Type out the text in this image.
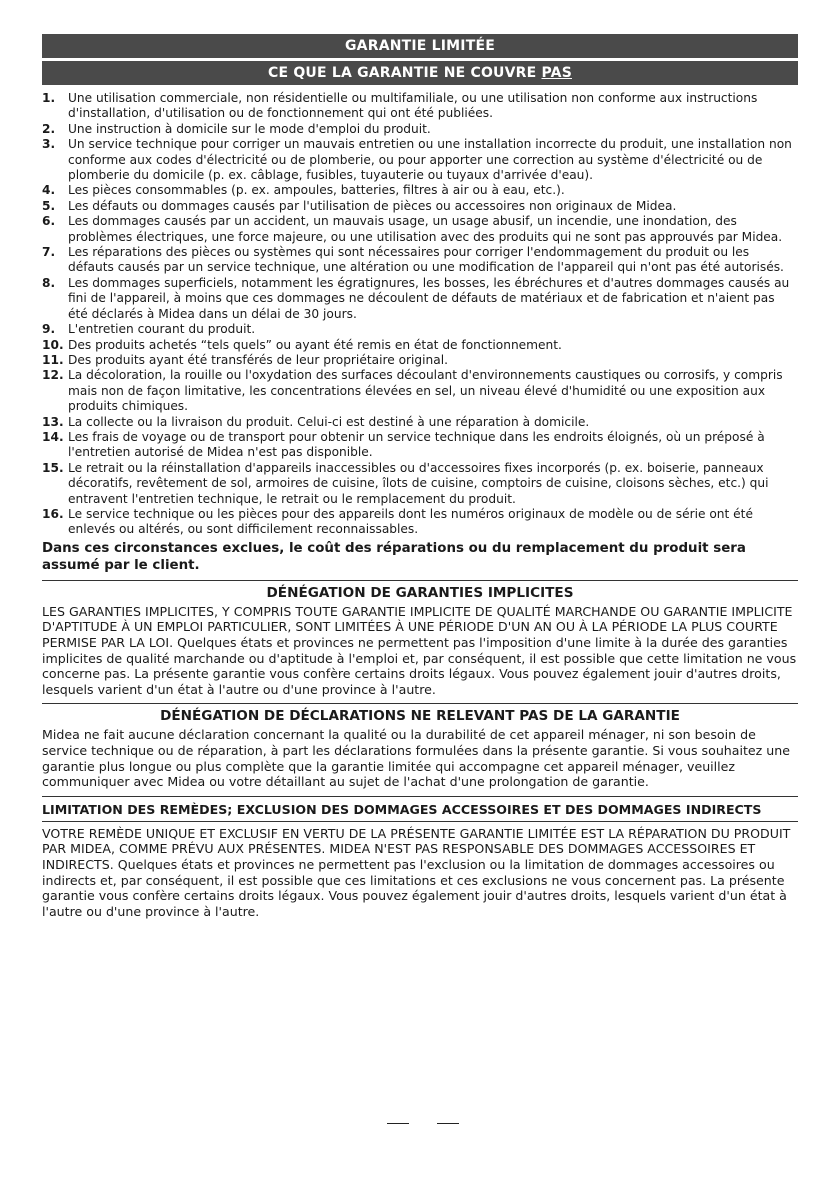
GARANTIE LIMITÉE
CE QUE LA GARANTIE NE COUVRE PAS
1. Une utilisation commerciale, non résidentielle ou multifamiliale, ou une utilisation non conforme aux instructions d'installation, d'utilisation ou de fonctionnement qui ont été publiées.
2. Une instruction à domicile sur le mode d'emploi du produit.
3. Un service technique pour corriger un mauvais entretien ou une installation incorrecte du produit, une installation non conforme aux codes d'électricité ou de plomberie, ou pour apporter une correction au système d'électricité ou de plomberie du domicile (p. ex. câblage, fusibles, tuyauterie ou tuyaux d'arrivée d'eau).
4. Les pièces consommables (p. ex. ampoules, batteries, filtres à air ou à eau, etc.).
5. Les défauts ou dommages causés par l'utilisation de pièces ou accessoires non originaux de Midea.
6. Les dommages causés par un accident, un mauvais usage, un usage abusif, un incendie, une inondation, des problèmes électriques, une force majeure, ou une utilisation avec des produits qui ne sont pas approuvés par Midea.
7. Les réparations des pièces ou systèmes qui sont nécessaires pour corriger l'endommagement du produit ou les défauts causés par un service technique, une altération ou une modification de l'appareil qui n'ont pas été autorisés.
8. Les dommages superficiels, notamment les égratignures, les bosses, les ébréchures et d'autres dommages causés au fini de l'appareil, à moins que ces dommages ne découlent de défauts de matériaux et de fabrication et n'aient pas été déclarés à Midea dans un délai de 30 jours.
9. L'entretien courant du produit.
10. Des produits achetés “tels quels” ou ayant été remis en état de fonctionnement.
11. Des produits ayant été transférés de leur propriétaire original.
12. La décoloration, la rouille ou l'oxydation des surfaces découlant d'environnements caustiques ou corrosifs, y compris mais non de façon limitative, les concentrations élevées en sel, un niveau élevé d'humidité ou une exposition aux produits chimiques.
13. La collecte ou la livraison du produit. Celui-ci est destiné à une réparation à domicile.
14. Les frais de voyage ou de transport pour obtenir un service technique dans les endroits éloignés, où un préposé à l'entretien autorisé de Midea n'est pas disponible.
15. Le retrait ou la réinstallation d'appareils inaccessibles ou d'accessoires fixes incorporés (p. ex. boiserie, panneaux décoratifs, revêtement de sol, armoires de cuisine, îlots de cuisine, comptoirs de cuisine, cloisons sèches, etc.) qui entravent l'entretien technique, le retrait ou le remplacement du produit.
16. Le service technique ou les pièces pour des appareils dont les numéros originaux de modèle ou de série ont été enlevés ou altérés, ou sont difficilement reconnaissables.
Dans ces circonstances exclues, le coût des réparations ou du remplacement du produit sera assumé par le client.
DÉNÉGATION DE GARANTIES IMPLICITES

LES GARANTIES IMPLICITES, Y COMPRIS TOUTE GARANTIE IMPLICITE DE QUALITÉ MARCHANDE OU GARANTIE IMPLICITE D'APTITUDE À UN EMPLOI PARTICULIER, SONT LIMITÉES À UNE PÉRIODE D'UN AN OU À LA PÉRIODE LA PLUS COURTE PERMISE PAR LA LOI. Quelques états et provinces ne permettent pas l'imposition d'une limite à la durée des garanties implicites de qualité marchande ou d'aptitude à l'emploi et, par conséquent, il est possible que cette limitation ne vous concerne pas. La présente garantie vous confère certains droits légaux. Vous pouvez également jouir d'autres droits, lesquels varient d'un état à l'autre ou d'une province à l'autre.

DÉNÉGATION DE DÉCLARATIONS NE RELEVANT PAS DE LA GARANTIE

Midea ne fait aucune déclaration concernant la qualité ou la durabilité de cet appareil ménager, ni son besoin de service technique ou de réparation, à part les déclarations formulées dans la présente garantie. Si vous souhaitez une garantie plus longue ou plus complète que la garantie limitée qui accompagne cet appareil ménager, veuillez communiquer avec Midea ou votre détaillant au sujet de l'achat d'une prolongation de garantie.

LIMITATION DES REMÈDES; EXCLUSION DES DOMMAGES ACCESSOIRES ET DES DOMMAGES INDIRECTS

VOTRE REMÈDE UNIQUE ET EXCLUSIF EN VERTU DE LA PRÉSENTE GARANTIE LIMITÉE EST LA RÉPARATION DU PRODUIT PAR MIDEA, COMME PRÉVU AUX PRÉSENTES. MIDEA N'EST PAS RESPONSABLE DES DOMMAGES ACCESSOIRES ET INDIRECTS. Quelques états et provinces ne permettent pas l'exclusion ou la limitation de dommages accessoires ou indirects et, par conséquent, il est possible que ces limitations et ces exclusions ne vous concernent pas. La présente garantie vous confère certains droits légaux. Vous pouvez également jouir d'autres droits, lesquels varient d'un état à l'autre ou d'une province à l'autre.
